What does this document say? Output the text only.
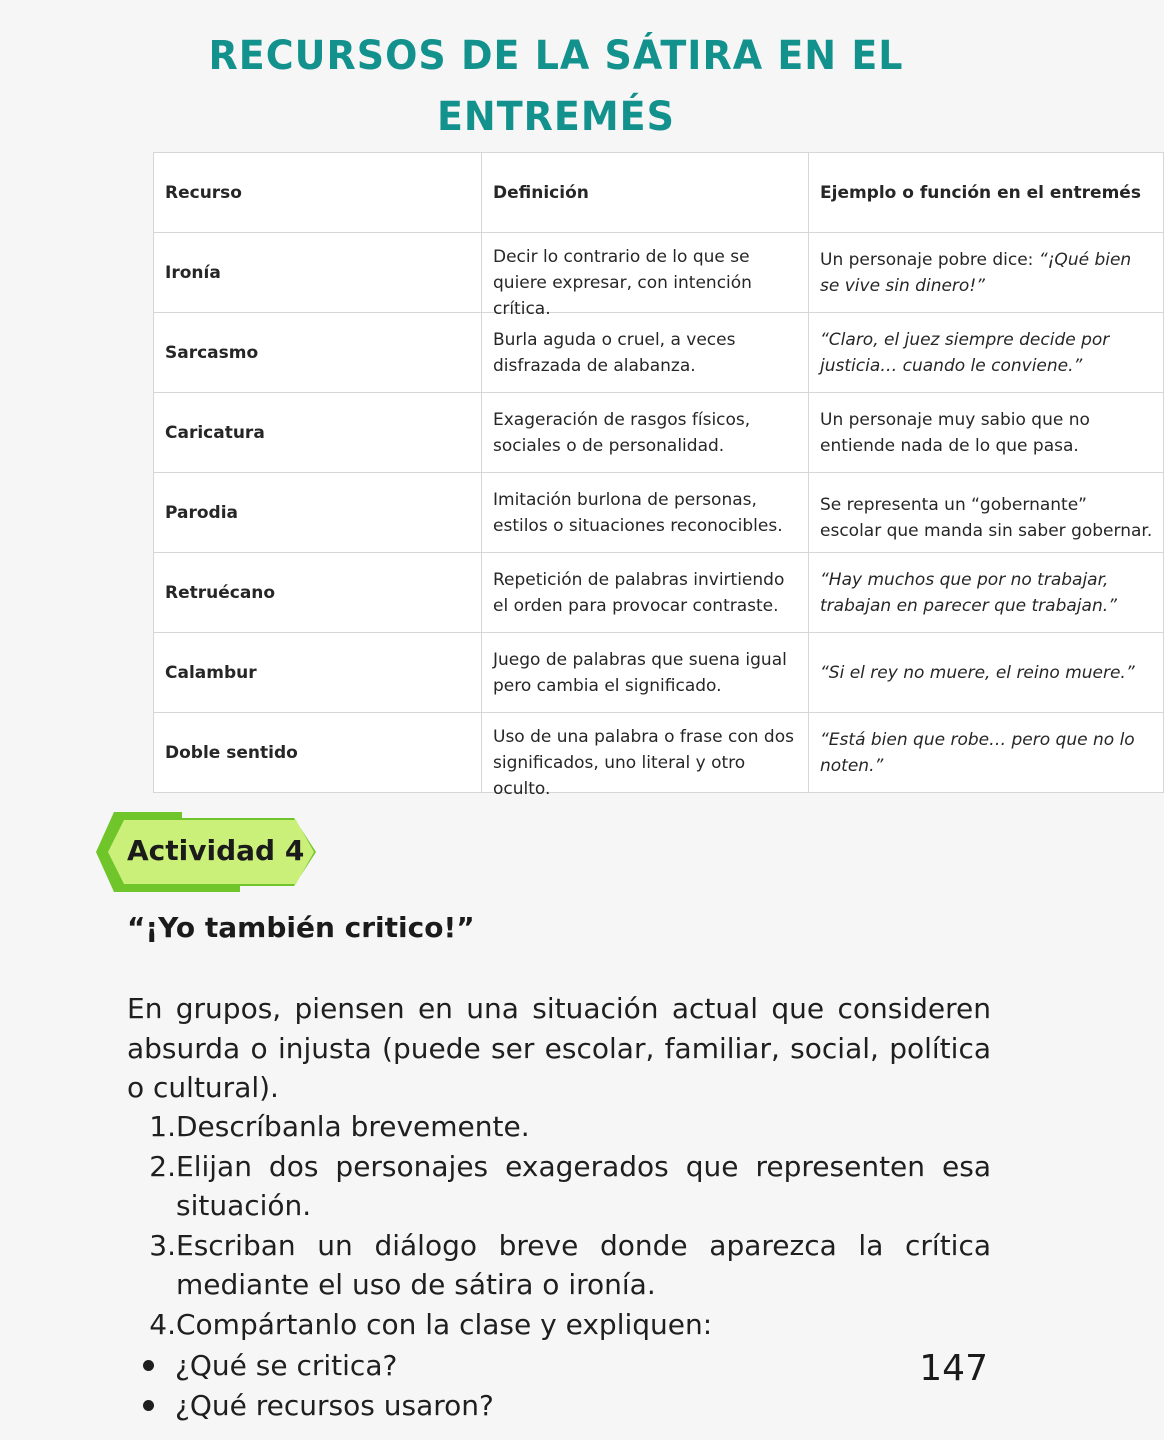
RECURSOS DE LA SÁTIRA EN EL
ENTREMÉS
Recurso	Definición	Ejemplo o función en el entremés

Ironía	Decir lo contrario de lo que se quiere expresar, con intención crítica.	Un personaje pobre dice: “¡Qué bien se vive sin dinero!”

Sarcasmo	Burla aguda o cruel, a veces disfrazada de alabanza.	“Claro, el juez siempre decide por justicia… cuando le conviene.”

Caricatura	Exageración de rasgos físicos, sociales o de personalidad.	Un personaje muy sabio que no entiende nada de lo que pasa.

Parodia	Imitación burlona de personas, estilos o situaciones reconocibles.	Se representa un “gobernante” escolar que manda sin saber gobernar.

Retruécano	Repetición de palabras invirtiendo el orden para provocar contraste.	“Hay muchos que por no trabajar, trabajan en parecer que trabajan.”

Calambur	Juego de palabras que suena igual pero cambia el significado.	“Si el rey no muere, el reino muere.”

Doble sentido	Uso de una palabra o frase con dos significados, uno literal y otro oculto.	“Está bien que robe… pero que no lo noten.”
Actividad 4
“¡Yo también critico!”
En grupos, piensen en una situación actual que consideren absurda o injusta (puede ser escolar, familiar, social, política o cultural).
1. Descríbanla brevemente.
2. Elijan dos personajes exagerados que representen esa situación.
3. Escriban un diálogo breve donde aparezca la crítica mediante el uso de sátira o ironía.
4. Compártanlo con la clase y expliquen:
¿Qué se critica?
¿Qué recursos usaron?
147
